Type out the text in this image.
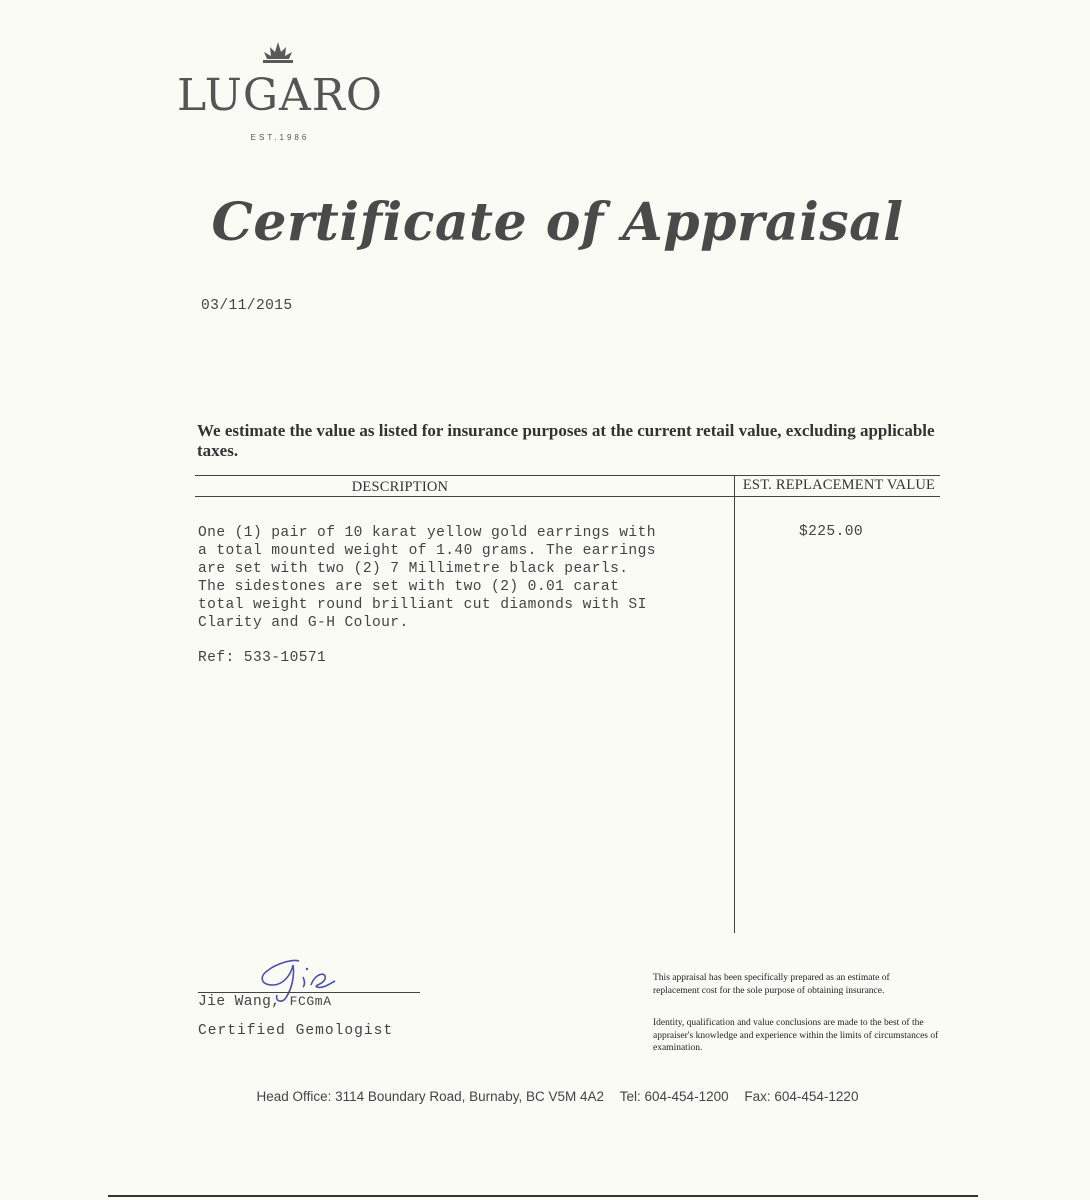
LUGARO
EST.1986
Certificate of Appraisal
03/11/2015
We estimate the value as listed for insurance purposes at the current retail value, excluding applicable taxes.
DESCRIPTION	EST. REPLACEMENT VALUE
One (1) pair of 10 karat yellow gold earrings with
a total mounted weight of 1.40 grams. The earrings
are set with two (2) 7 Millimetre black pearls.
The sidestones are set with two (2) 0.01 carat
total weight round brilliant cut diamonds with SI
Clarity and G-H Colour.
Ref: 533-10571
$225.00
Jie Wang, FCGmA
Certified Gemologist
This appraisal has been specifically prepared as an estimate of replacement cost for the sole purpose of obtaining insurance.
Identity, qualification and value conclusions are made to the best of the appraiser's knowledge and experience within the limits of circumstances of examination.
Head Office: 3114 Boundary Road, Burnaby, BC V5M 4A2 Tel: 604-454-1200 Fax: 604-454-1220
